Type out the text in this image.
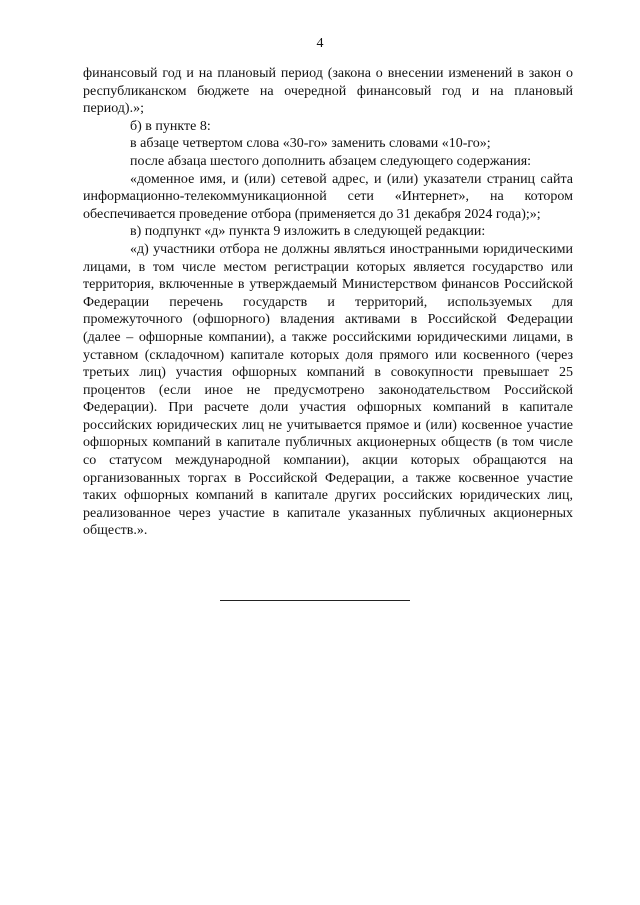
4

финансовый год и на плановый период (закона о внесении изменений в закон о республиканском бюджете на очередной финансовый год и на плановый период).»;

б) в пункте 8:

в абзаце четвертом слова «30-го» заменить словами «10-го»;

после абзаца шестого дополнить абзацем следующего содержания:

«доменное имя, и (или) сетевой адрес, и (или) указатели страниц сайта информационно-телекоммуникационной сети «Интернет», на котором обеспечивается проведение отбора (применяется до 31 декабря 2024 года);»;

в) подпункт «д» пункта 9 изложить в следующей редакции:

«д) участники отбора не должны являться иностранными юридическими лицами, в том числе местом регистрации которых является государство или территория, включенные в утверждаемый Министерством финансов Российской Федерации перечень государств и территорий, используемых для промежуточного (офшорного) владения активами в Российской Федерации (далее – офшорные компании), а также российскими юридическими лицами, в уставном (складочном) капитале которых доля прямого или косвенного (через третьих лиц) участия офшорных компаний в совокупности превышает 25 процентов (если иное не предусмотрено законодательством Российской Федерации). При расчете доли участия офшорных компаний в капитале российских юридических лиц не учитывается прямое и (или) косвенное участие офшорных компаний в капитале публичных акционерных обществ (в том числе со статусом международной компании), акции которых обращаются на организованных торгах в Российской Федерации, а также косвенное участие таких офшорных компаний в капитале других российских юридических лиц, реализованное через участие в капитале указанных публичных акционерных обществ.».
